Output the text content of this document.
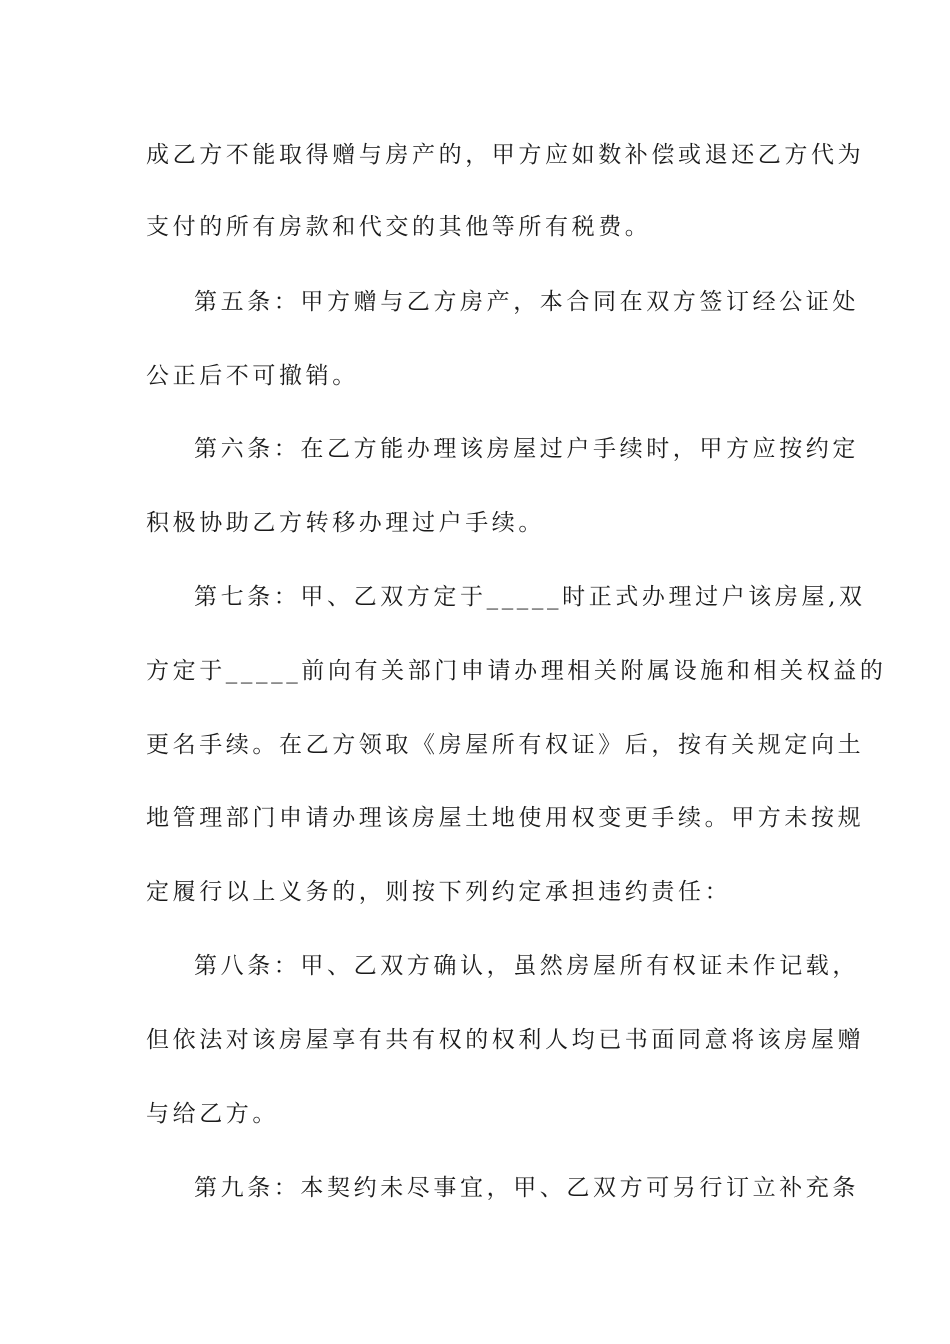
成乙方不能取得赠与房产的，甲方应如数补偿或退还乙方代为
支付的所有房款和代交的其他等所有税费。
第五条：甲方赠与乙方房产，本合同在双方签订经公证处
公正后不可撤销。
第六条：在乙方能办理该房屋过户手续时，甲方应按约定
积极协助乙方转移办理过户手续。
第七条：甲、乙双方定于_____时正式办理过户该房屋,双
方定于_____前向有关部门申请办理相关附属设施和相关权益的
更名手续。在乙方领取《房屋所有权证》后，按有关规定向土
地管理部门申请办理该房屋土地使用权变更手续。甲方未按规
定履行以上义务的，则按下列约定承担违约责任：
第八条：甲、乙双方确认，虽然房屋所有权证未作记载，
但依法对该房屋享有共有权的权利人均已书面同意将该房屋赠
与给乙方。
第九条：本契约未尽事宜，甲、乙双方可另行订立补充条
